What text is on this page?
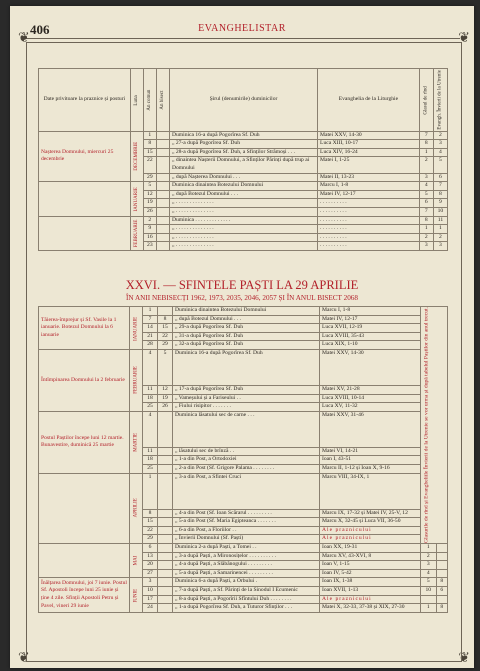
406	EVANGHELISTAR
❦	❦
❦	❦
Date privitoare la praznice și posturi	Luna	An comun	An bisect	Șirul (denumirile) duminicilor	Evanghelia de la Liturghie	Glasul de rînd	Evangh. Învierii de la Utrenie
Nașterea Domnului, miercuri 25 decembrie	DECEMBRIE	1		Duminica 16-a după Pogorîrea Sf. Duh	Matei XXV, 14-30	7	2
		8		„ 27-a după Pogorîrea Sf. Duh	Luca XIII, 10-17	8	3
		15		„ 28-a după Pogorîrea Sf. Duh, a Sfinților Strămoși . . .	Luca XIV, 16-24	1	4
		22		„ dinaintea Nașterii Domnului, a Sfinților Părinți după trup ai Domnului	Matei I, 1-25	2	5
		29		„ după Nașterea Domnului . . .	Matei II, 13-23	3	6
	IANUARIE	5		Duminica dinaintea Botezului Domnului	Marcu I, 1-8	4	7
		12		„ după Botezul Domnului . . .	Matei IV, 12-17	5	8
		19		„ . . . . . . . . . . . . . .	. . . . . . . . . .	6	9
		26		„ . . . . . . . . . . . . . .	. . . . . . . . . .	7	10
	FEBRUARIE	2		Duminica . . . . . . . . . . . . .	. . . . . . . . . .	8	11
		9		„ . . . . . . . . . . . . . .	. . . . . . . . . .	1	1
		16		„ . . . . . . . . . . . . . .	. . . . . . . . . .	2	2
		23		„ . . . . . . . . . . . . . .	. . . . . . . . . .	3	3
XXVI. — SFINTELE PAȘTI LA 29 APRILIE
ÎN ANII NEBISECȚI 1962, 1973, 2035, 2046, 2057 ȘI ÎN ANUL BISECT 2068
Tăierea-împrejur și Sf. Vasile la 1 ianuarie. Botezul Domnului la 6 ianuarie	IANUARIE	1		Duminica dinaintea Botezului Domnului	Marcu I, 1-8	Glasurile de rînd și Evangheliile Învierii de la Utrenie se vor urma și după tabelul Paștilor din anul trecut.	
		7	8	„ după Botezul Domnului . . .	Matei IV, 12-17		
		14	15	„ 29-a după Pogorîrea Sf. Duh	Luca XVII, 12-19		
		21	22	„ 31-a după Pogorîrea Sf. Duh	Luca XVIII, 35-43		
		28	29	„ 32-a după Pogorîrea Sf. Duh	Luca XIX, 1-10		
Întîmpinarea Domnului la 2 februarie	FEBRUARIE	4	5	Duminica 16-a după Pogorîrea Sf. Duh	Matei XXV, 14-30		
		11	12	„ 17-a după Pogorîrea Sf. Duh	Matei XV, 21-28		
		18	19	„ Vameșului și a Fariseului . .	Luca XVIII, 10-14		
		25	26	„ Fiului risipitor . . . . . . .	Luca XV, 11-32		
Postul Paștilor începe luni 12 martie. Bunavestire, duminică 25 martie	MARTIE	4		Duminica lăsatului sec de carne . . .	Matei XXV, 31-46		
		11		„ lăsatului sec de brînză . .	Matei VI, 14-21		
		18		„ 1-a din Post, a Ortodoxiei	Ioan I, 43-51		
		25		„ 2-a din Post (Sf. Grigore Palama . . . . . . . .	Marcu II, 1-12 și Ioan X, 9-16		
	APRILIE	1		„ 3-a din Post, a Sfintei Cruci	Marcu VIII, 34-IX, 1		
		8		„ 4-a din Post (Sf. Ioan Scărarul . . . . . . . . .	Marcu IX, 17-32 și Matei IV, 25-V, 12		
		15		„ 5-a din Post (Sf. Maria Egipteanca . . . . . . .	Marcu X, 32-45 și Luca VII, 36-50		
		22		„ 6-a din Post, a Floriilor . .	Ale praznicului		
		29		„ Învierii Domnului (Sf. Paști)	Ale praznicului		
	MAI	6		Duminica 2-a după Paști, a Tomei . .	Ioan XX, 19-31	1	
		13		„ 3-a după Paști, a Mironosițelor . . . . . . . . . .	Marcu XV, 43-XVI, 8	2	
		20		„ 4-a după Paști, a Slăbănogului . . . . . . . . .	Ioan V, 1-15	3	
		27		„ 5-a după Paști, a Samarinencei . . . . . . . . .	Ioan IV, 5-42	4	
Înălțarea Domnului, joi 7 iunie. Postul Sf. Apostoli începe luni 25 iunie și ține 4 zile. Sfinții Apostoli Petru și Pavel, vineri 29 iunie	IUNIE	3		Duminica 6-a după Paști, a Orbului .	Ioan IX, 1-38	5	8
		10		„ 7-a după Paști, a Sf. Părinți de la Sinodul I Ecumenic	Ioan XVII, 1-13	10	6
		17		„ 8-a după Paști, a Pogorîrii Sfîntului Duh . . . . . . . .	Ale praznicului		
		24		„ 1-a după Pogorîrea Sf. Duh, a Tuturor Sfinților . . .	Matei X, 32-33, 37-38 și XIX, 27-30	1	8
